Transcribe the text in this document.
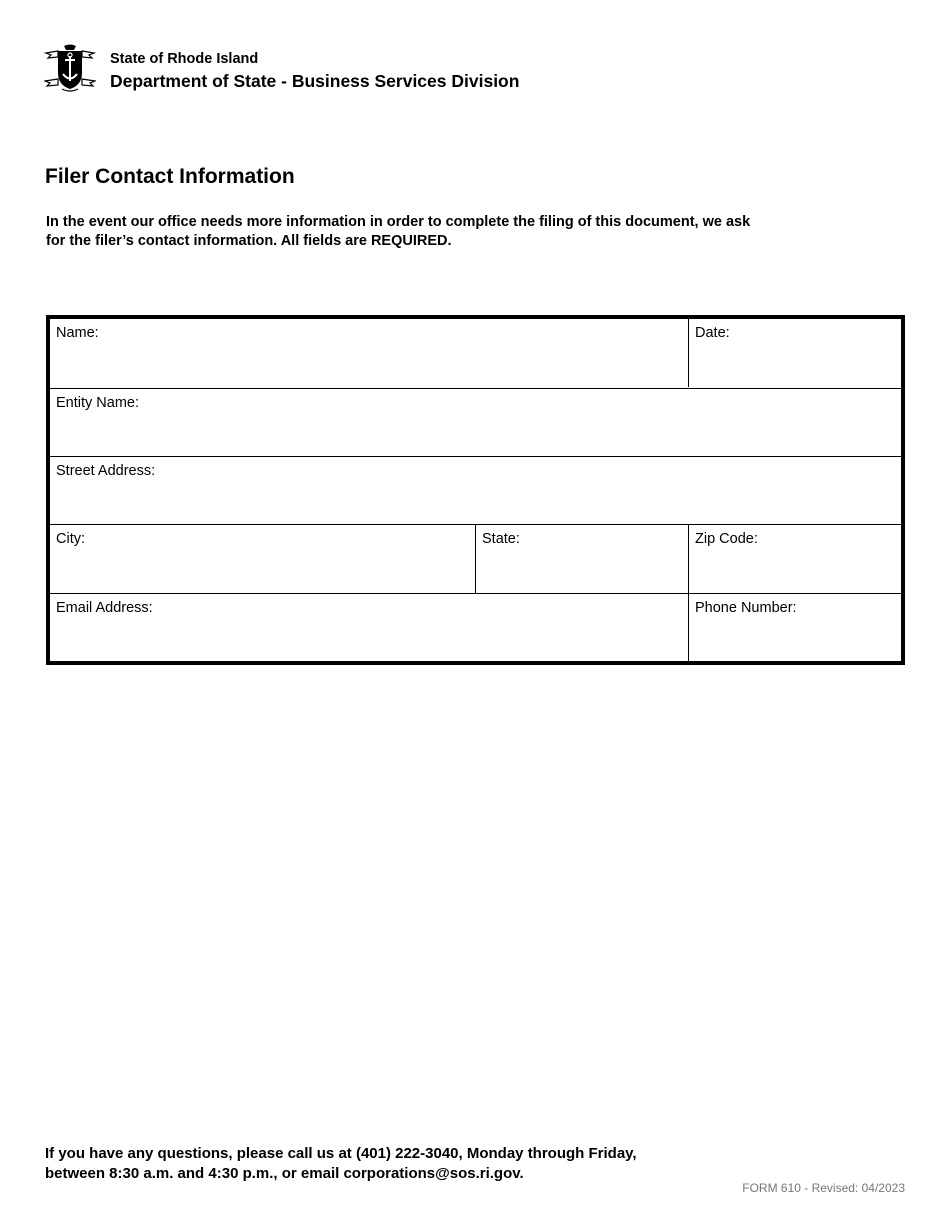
State of Rhode Island
Department of State - Business Services Division
Filer Contact Information
In the event our office needs more information in order to complete the filing of this document, we ask
for the filer’s contact information. All fields are REQUIRED.
Name:	Date:
Entity Name:
Street Address:
City:	State:	Zip Code:
Email Address:	Phone Number:
If you have any questions, please call us at (401) 222-3040, Monday through Friday,
between 8:30 a.m. and 4:30 p.m., or email corporations@sos.ri.gov.
FORM 610 - Revised: 04/2023
